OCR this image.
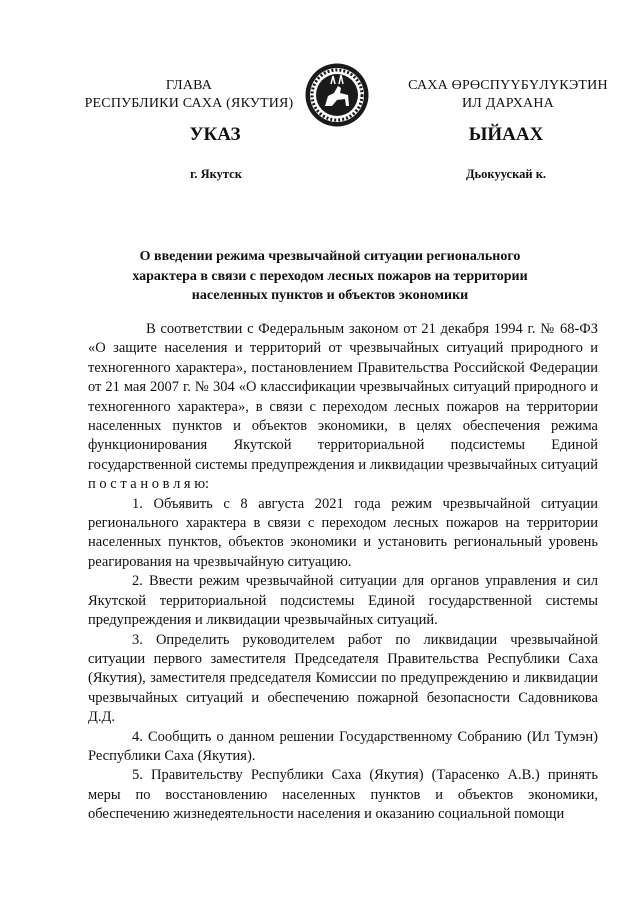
ГЛАВА
РЕСПУБЛИКИ САХА (ЯКУТИЯ)
САХА ӨРӨСПҮҮБҮЛҮКЭТИН
ИЛ ДАРХАНА
УКАЗ	ЫЙААХ
г. Якутск	Дьокуускай к.
О введении режима чрезвычайной ситуации регионального
характера в связи с переходом лесных пожаров на территории
населенных пунктов и объектов экономики

В соответствии с Федеральным законом от 21 декабря 1994 г. № 68-ФЗ «О защите населения и территорий от чрезвычайных ситуаций природного и техногенного характера», постановлением Правительства Российской Федерации от 21 мая 2007 г. № 304 «О классификации чрезвычайных ситуаций природного и техногенного характера», в связи с переходом лесных пожаров на территории населенных пунктов и объектов экономики, в целях обеспечения режима функционирования Якутской территориальной подсистемы Единой государственной системы предупреждения и ликвидации чрезвычайных ситуаций п о с т а н о в л я ю:

1. Объявить с 8 августа 2021 года режим чрезвычайной ситуации регионального характера в связи с переходом лесных пожаров на территории населенных пунктов, объектов экономики и установить региональный уровень реагирования на чрезвычайную ситуацию.

2. Ввести режим чрезвычайной ситуации для органов управления и сил Якутской территориальной подсистемы Единой государственной системы предупреждения и ликвидации чрезвычайных ситуаций.

3. Определить руководителем работ по ликвидации чрезвычайной ситуации первого заместителя Председателя Правительства Республики Саха (Якутия), заместителя председателя Комиссии по предупреждению и ликвидации чрезвычайных ситуаций и обеспечению пожарной безопасности Садовникова Д.Д.

4. Сообщить о данном решении Государственному Собранию (Ил Тумэн) Республики Саха (Якутия).

5. Правительству Республики Саха (Якутия) (Тарасенко А.В.) принять меры по восстановлению населенных пунктов и объектов экономики, обеспечению жизнедеятельности населения и оказанию социальной помощи
